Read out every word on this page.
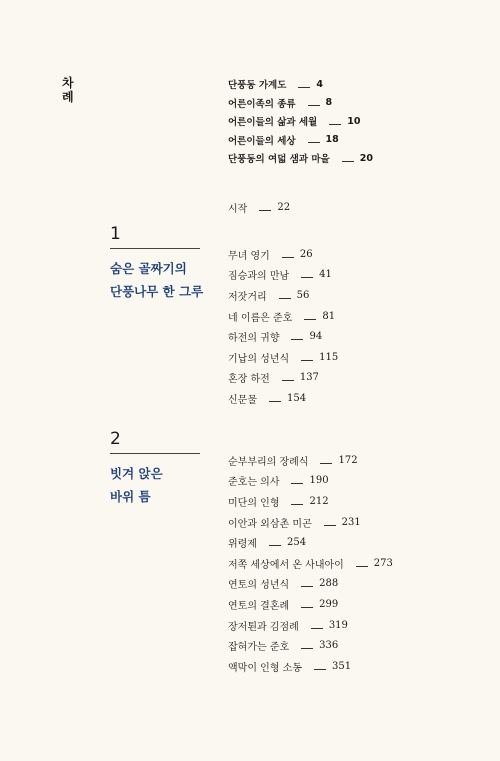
차
례
단풍동 가계도	4
어른이족의 종류	8
어른이들의 삶과 세월	10
어른이들의 세상	18
단풍동의 여덟 샘과 마을	20
시작	22
1
숨은 골짜기의
단풍나무 한 그루
무녀 영기	26
짐승과의 만남	41
저잣거리	56
네 이름은 준호	81
하전의 귀향	94
기납의 성년식	115
혼장 하전	137
신문물	154
2
빗겨 앉은
바위 틈
순부부리의 장례식	172
준호는 의사	190
미단의 인형	212
이안과 외삼촌 미곤	231
위령제	254
저쪽 세상에서 온 사내아이	273
연토의 성년식	288
연토의 결혼례	299
장저퇸과 김점례	319
잡혀가는 준호	336
액막이 인형 소동	351
